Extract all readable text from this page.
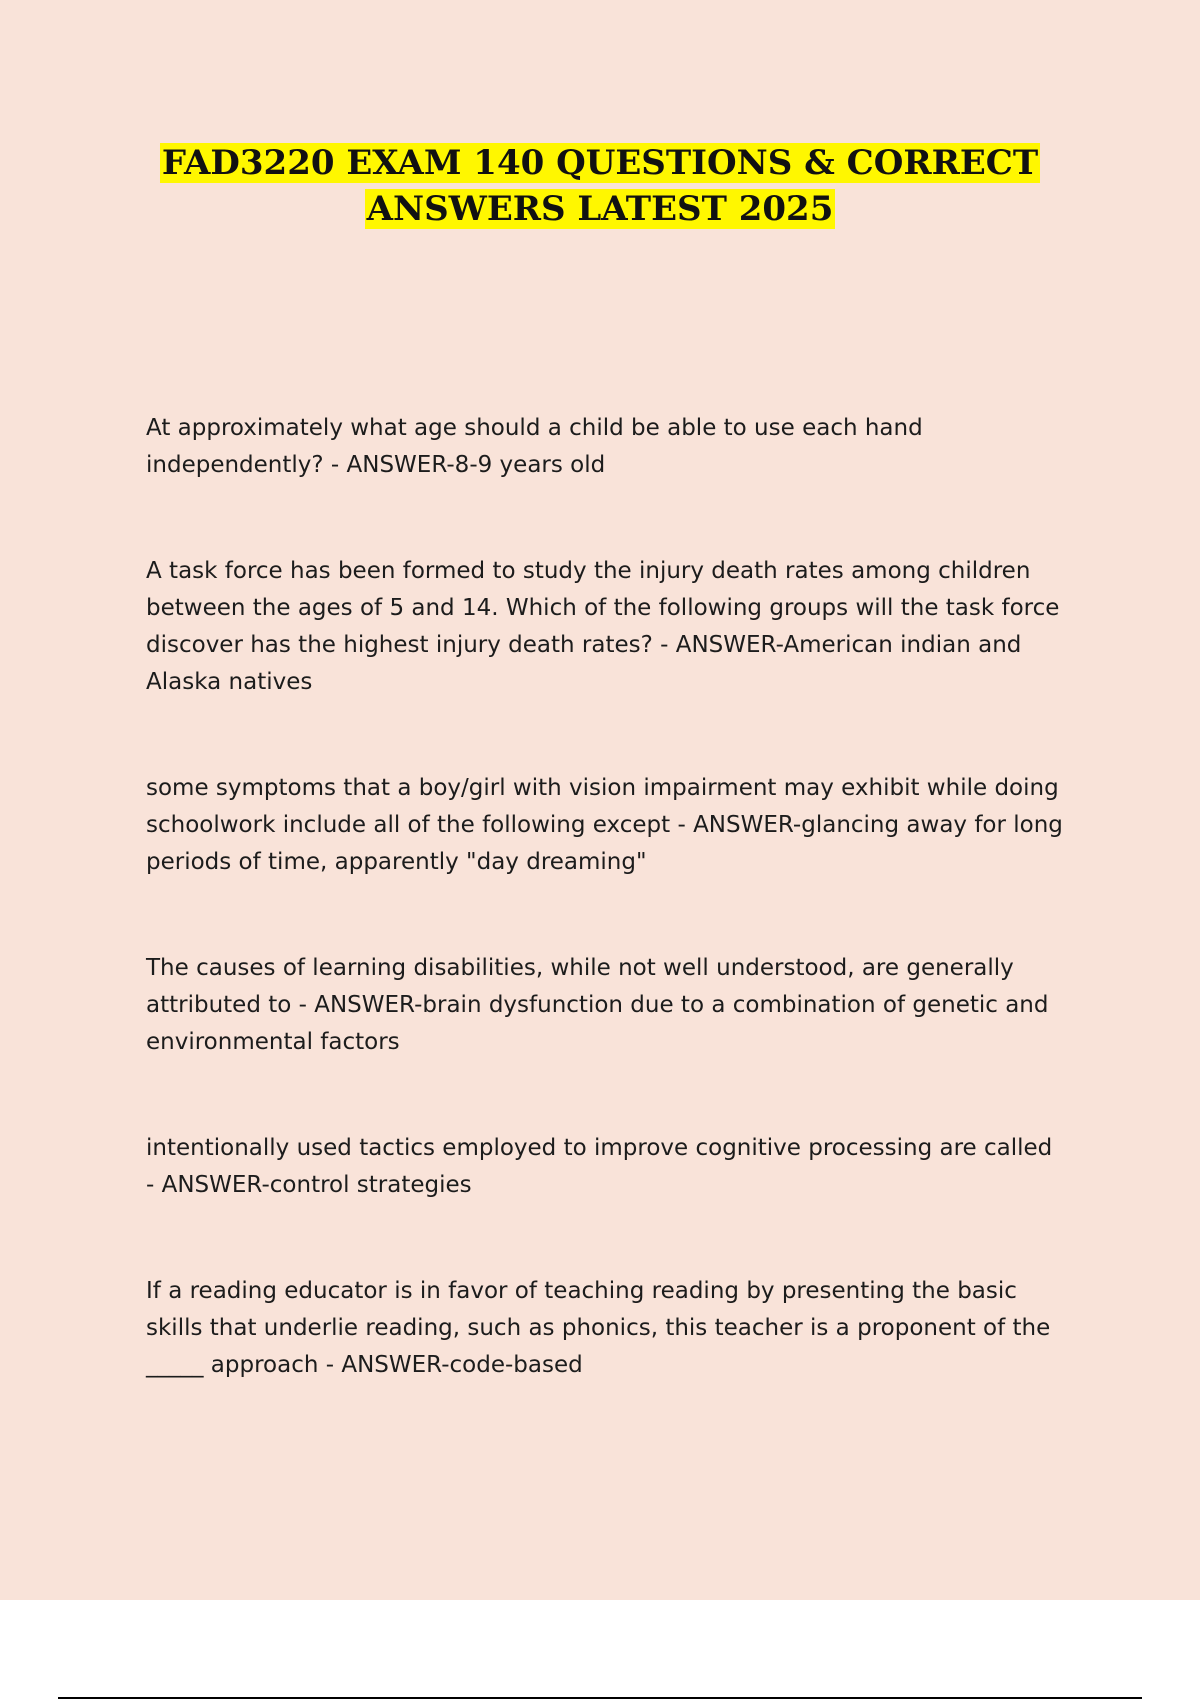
FAD3220 EXAM 140 QUESTIONS & CORRECT
ANSWERS LATEST 2025

At approximately what age should a child be able to use each hand independently? - ANSWER-8-9 years old

A task force has been formed to study the injury death rates among children between the ages of 5 and 14. Which of the following groups will the task force discover has the highest injury death rates? - ANSWER-American indian and Alaska natives

some symptoms that a boy/girl with vision impairment may exhibit while doing schoolwork include all of the following except - ANSWER-glancing away for long periods of time, apparently "day dreaming"

The causes of learning disabilities, while not well understood, are generally attributed to - ANSWER-brain dysfunction due to a combination of genetic and environmental factors

intentionally used tactics employed to improve cognitive processing are called - ANSWER-control strategies

If a reading educator is in favor of teaching reading by presenting the basic skills that underlie reading, such as phonics, this teacher is a proponent of the _____ approach - ANSWER-code-based
